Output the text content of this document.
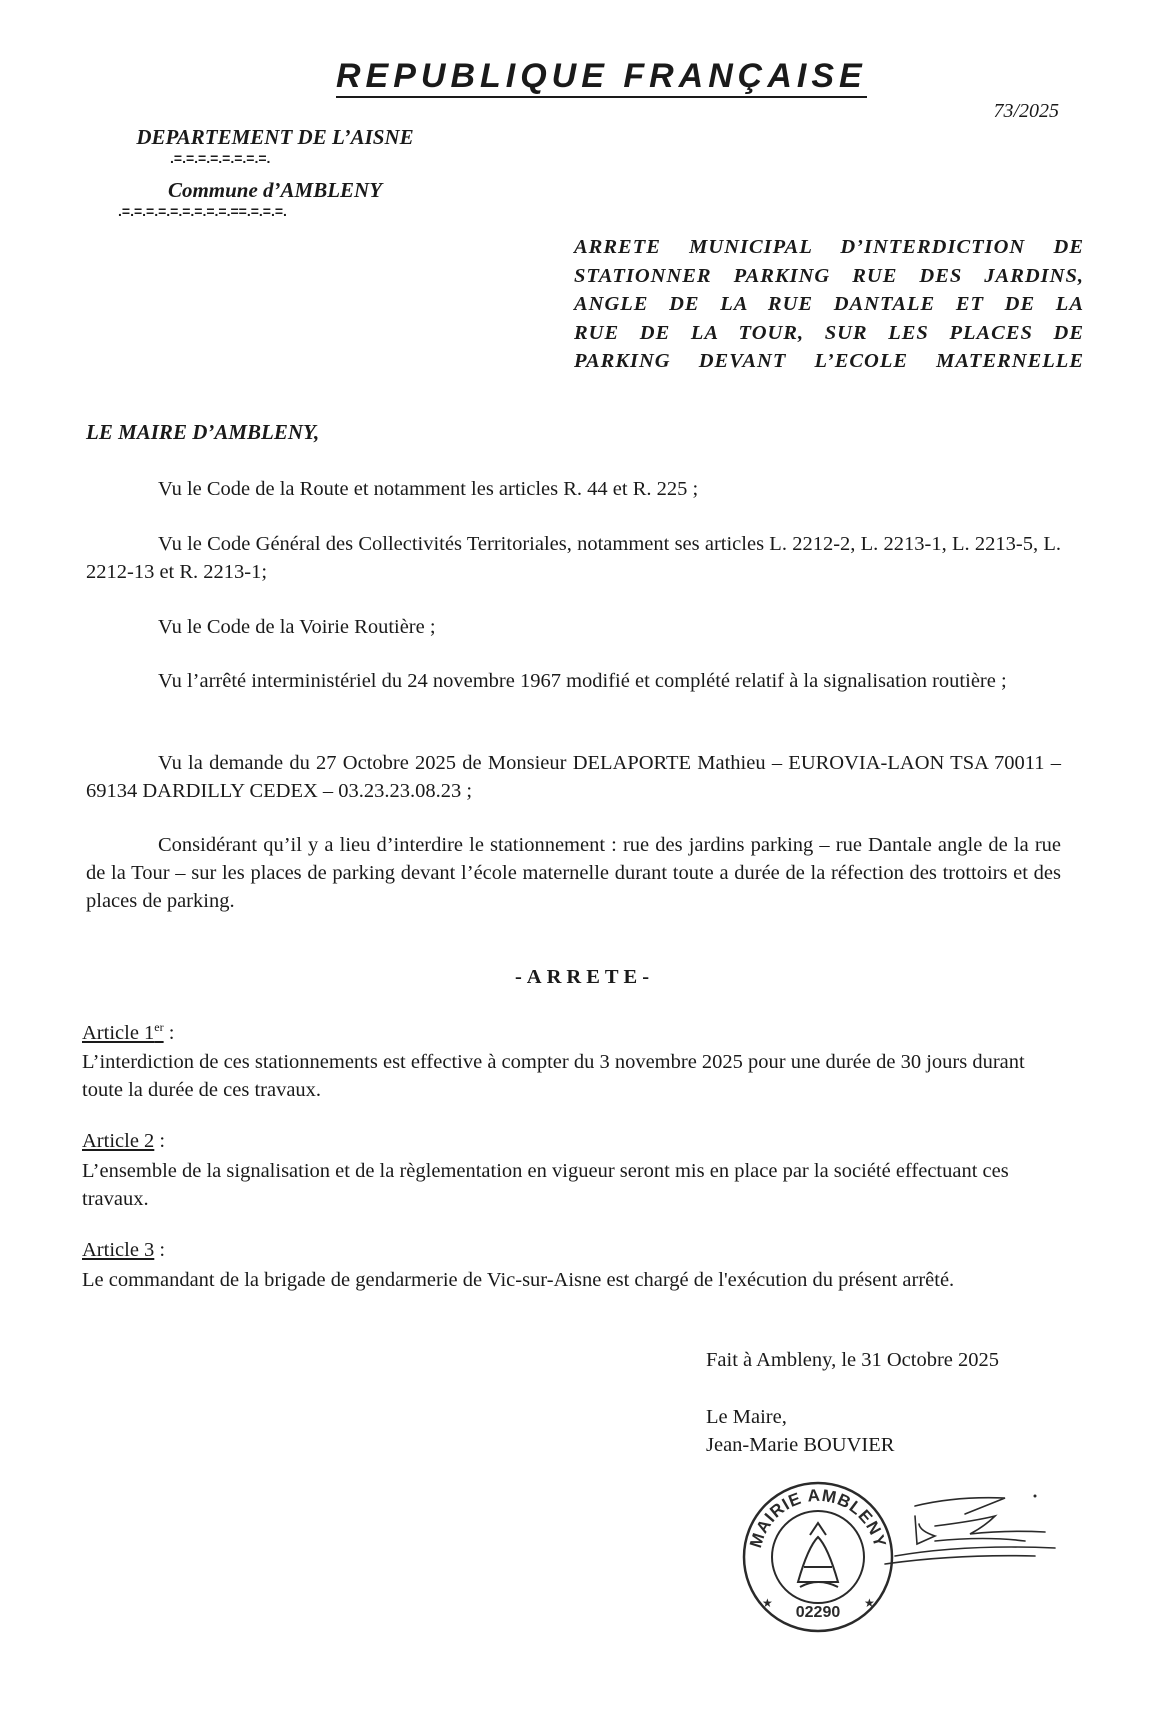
REPUBLIQUE FRANÇAISE
73/2025
DEPARTEMENT DE L’AISNE
.=.=.=.=.=.=.=.=.
Commune d’AMBLENY
.=.=.=.=.=.=.=.=.=.==.=.=.=.

ARRETE MUNICIPAL D’INTERDICTION DE
STATIONNER PARKING RUE DES JARDINS,
ANGLE DE LA RUE DANTALE ET DE LA
RUE DE LA TOUR, SUR LES PLACES DE
PARKING DEVANT L’ECOLE MATERNELLE

LE MAIRE D’AMBLENY,

Vu le Code de la Route et notamment les articles R. 44 et R. 225 ;

Vu le Code Général des Collectivités Territoriales, notamment ses articles L. 2212-2, L. 2213-1, L. 2213-5, L. 2212-13 et R. 2213-1;

Vu le Code de la Voirie Routière ;

Vu l’arrêté interministériel du 24 novembre 1967 modifié et complété relatif à la signalisation routière ;

Vu la demande du 27 Octobre 2025 de Monsieur DELAPORTE Mathieu – EUROVIA-LAON TSA 70011 – 69134 DARDILLY CEDEX – 03.23.23.08.23 ;

Considérant qu’il y a lieu d’interdire le stationnement : rue des jardins parking – rue Dantale angle de la rue de la Tour – sur les places de parking devant l’école maternelle durant toute a durée de la réfection des trottoirs et des places de parking.

-ARRETE-
Article 1er :

L’interdiction de ces stationnements est effective à compter du 3 novembre 2025 pour une durée de 30 jours durant toute la durée de ces travaux.

Article 2 :

L’ensemble de la signalisation et de la règlementation en vigueur seront mis en place par la société effectuant ces travaux.

Article 3 :

Le commandant de la brigade de gendarmerie de Vic-sur-Aisne est chargé de l'exécution du présent arrêté.

Fait à Ambleny, le 31 Octobre 2025
Le Maire,
Jean-Marie BOUVIER
MAIRIE AMBLENY
02290
★	★
